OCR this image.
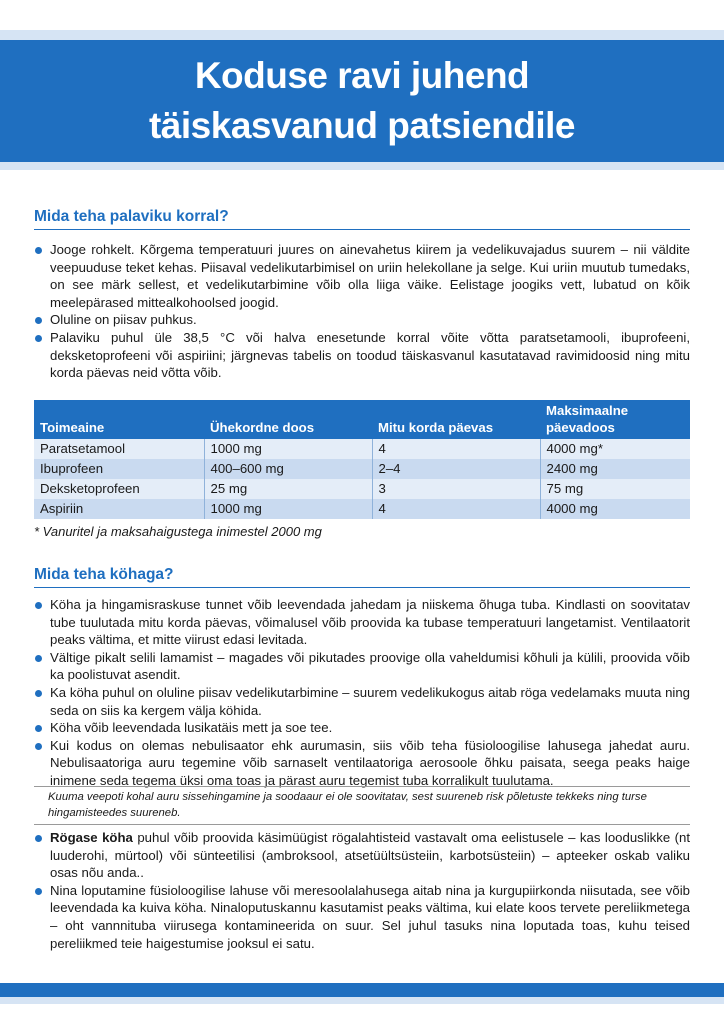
Koduse ravi juhend
täiskasvanud patsiendile
Mida teha palaviku korral?
Jooge rohkelt. Kõrgema temperatuuri juures on ainevahetus kiirem ja vedelikuvajadus suurem – nii väldite veepuuduse teket kehas. Piisaval vedelikutarbimisel on uriin helekollane ja selge. Kui uriin muutub tumedaks, on see märk sellest, et vedelikutarbimine võib olla liiga väike. Eelistage joogiks vett, lubatud on kõik meelepärased mittealkohoolsed joogid.
Oluline on piisav puhkus.
Palaviku puhul üle 38,5 °C või halva enesetunde korral võite võtta paratsetamooli, ibuprofeeni, deksketoprofeeni või aspiriini; järgnevas tabelis on toodud täiskasvanul kasutatavad ravimidoosid ning mitu korda päevas neid võtta võib.
Toimeaine	Ühekordne doos	Mitu korda päevas	Maksimaalne päevadoos
Paratsetamool	1000 mg	4	4000 mg*
Ibuprofeen	400–600 mg	2–4	2400 mg
Deksketoprofeen	25 mg	3	75 mg
Aspiriin	1000 mg	4	4000 mg
* Vanuritel ja maksahaigustega inimestel 2000 mg
Mida teha köhaga?
Köha ja hingamisraskuse tunnet võib leevendada jahedam ja niiskema õhuga tuba. Kindlasti on soovitatav tube tuulutada mitu korda päevas, võimalusel võib proovida ka tubase temperatuuri langetamist. Ventilaatorit peaks vältima, et mitte viirust edasi levitada.
Vältige pikalt selili lamamist – magades või pikutades proovige olla vaheldumisi kõhuli ja külili, proovida võib ka poolistuvat asendit.
Ka köha puhul on oluline piisav vedelikutarbimine – suurem vedelikukogus aitab röga vedelamaks muuta ning seda on siis ka kergem välja köhida.
Köha võib leevendada lusikatäis mett ja soe tee.
Kui kodus on olemas nebulisaator ehk aurumasin, siis võib teha füsioloogilise lahusega jahedat auru. Nebulisaatoriga auru tegemine võib sarnaselt ventilaatoriga aerosoole õhku paisata, seega peaks haige inimene seda tegema üksi oma toas ja pärast auru tegemist tuba korralikult tuulutama.
Kuuma veepoti kohal auru sissehingamine ja soodaaur ei ole soovitatav, sest suureneb risk põletuste tekkeks ning turse hingamisteedes suureneb.
Rögase köha puhul võib proovida käsimüügist rögalahtisteid vastavalt oma eelistusele – kas looduslikke (nt luuderohi, mürtool) või sünteetilisi (ambroksool, atsetüültsüsteiin, karbotsüsteiin) – apteeker oskab valiku osas nõu anda..
Nina loputamine füsioloogilise lahuse või meresoolalahusega aitab nina ja kurgupiirkonda niisutada, see võib leevendada ka kuiva köha. Ninaloputuskannu kasutamist peaks vältima, kui elate koos tervete pereliikmetega – oht vannnituba viirusega kontamineerida on suur. Sel juhul tasuks nina loputada toas, kuhu teised pereliikmed teie haigestumise jooksul ei satu.
